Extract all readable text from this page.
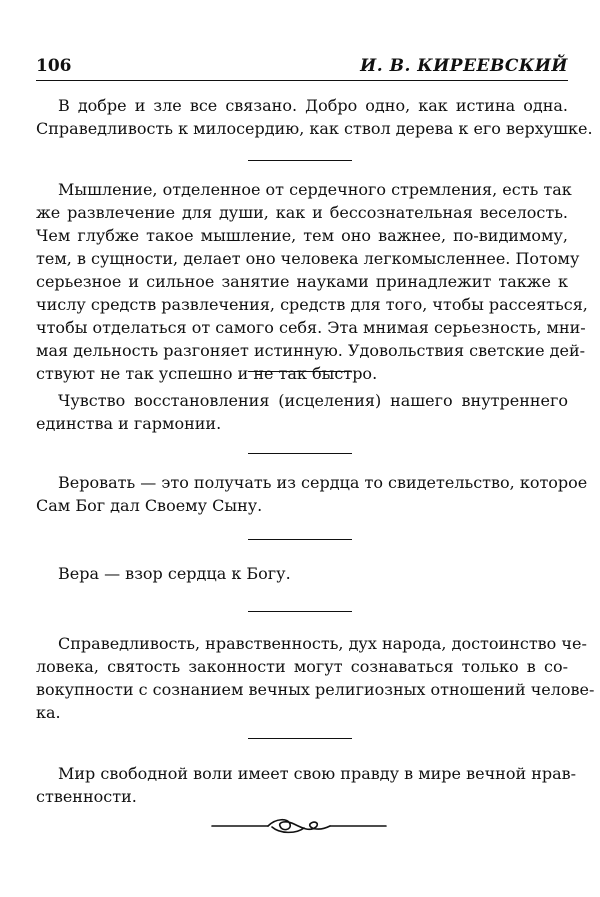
106	И. В. КИРЕЕВСКИЙ

В добре и зле все связано. Добро одно, как истина одна.
Справедливость к милосердию, как ствол дерева к его верхушке.

Мышление, отделенное от сердечного стремления, есть так
же развлечение для души, как и бессознательная веселость.
Чем глубже такое мышление, тем оно важнее, по-видимому,
тем, в сущности, делает оно человека легкомысленнее. Потому
серьезное и сильное занятие науками принадлежит также к
числу средств развлечения, средств для того, чтобы рассеяться,
чтобы отделаться от самого себя. Эта мнимая серьезность, мни-
мая дельность разгоняет истинную. Удовольствия светские дей-
ствуют не так успешно и не так быстро.

Чувство восстановления (исцеления) нашего внутреннего
единства и гармонии.

Веровать — это получать из сердца то свидетельство, которое
Сам Бог дал Своему Сыну.

Вера — взор сердца к Богу.

Справедливость, нравственность, дух народа, достоинство че-
ловека, святость законности могут сознаваться только в со-
вокупности с сознанием вечных религиозных отношений челове-
ка.

Мир свободной воли имеет свою правду в мире вечной нрав-
ственности.
